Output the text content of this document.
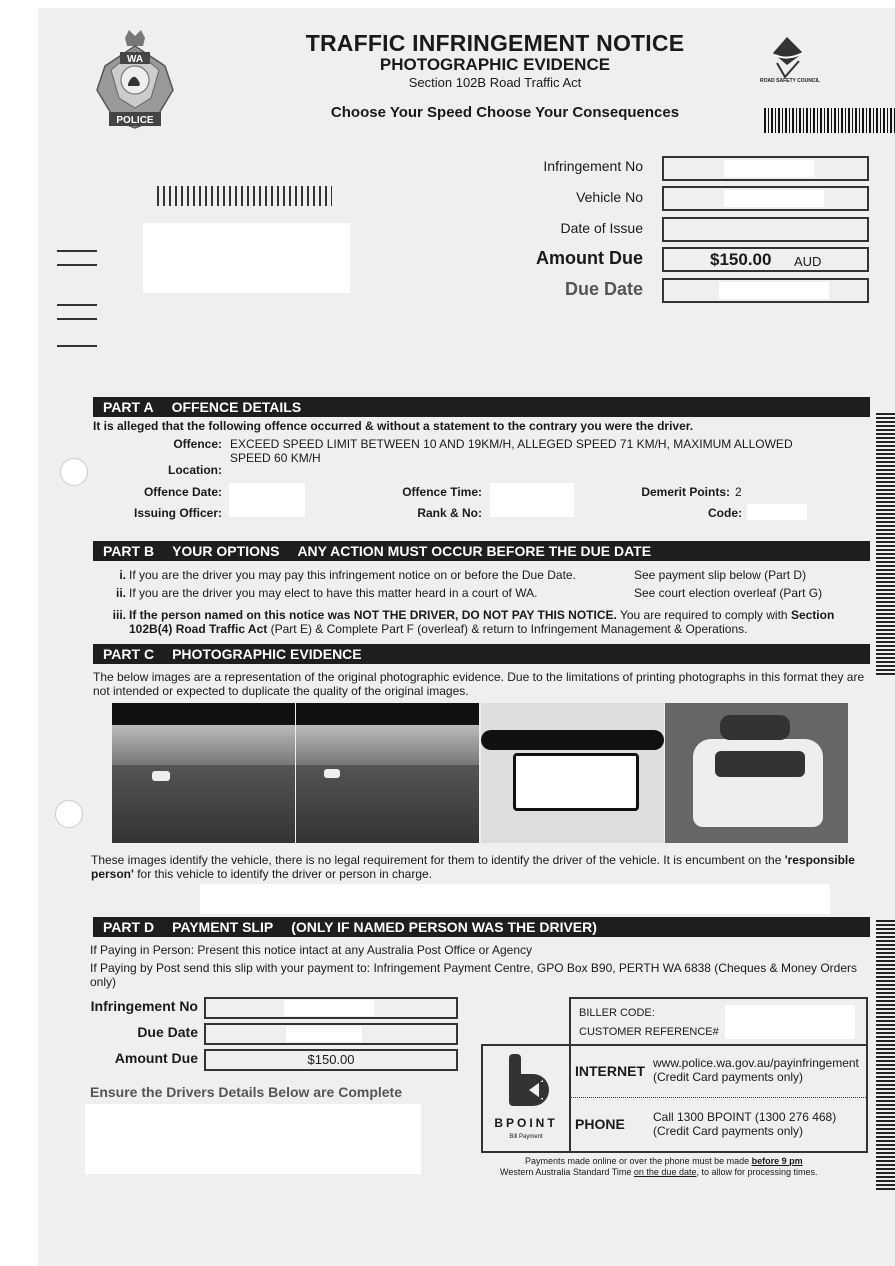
WA
POLICE
TRAFFIC INFRINGEMENT NOTICE
PHOTOGRAPHIC EVIDENCE
Section 102B Road Traffic Act
Choose Your Speed Choose Your Consequences
ROAD SAFETY COUNCIL
Infringement No
Vehicle No
Date of Issue
Amount Due	$150.00 AUD
Due Date
PART A OFFENCE DETAILS
It is alleged that the following offence occurred & without a statement to the contrary you were the driver.
Offence: EXCEED SPEED LIMIT BETWEEN 10 AND 19KM/H, ALLEGED SPEED 71 KM/H, MAXIMUM ALLOWED SPEED 60 KM/H
Location:
Offence Date:	Offence Time:	Demerit Points: 2
Issuing Officer:	Rank & No:	Code:
PART B YOUR OPTIONS ANY ACTION MUST OCCUR BEFORE THE DUE DATE
i. If you are the driver you may pay this infringement notice on or before the Due Date.	See payment slip below (Part D)
ii. If you are the driver you may elect to have this matter heard in a court of WA.	See court election overleaf (Part G)
iii. If the person named on this notice was NOT THE DRIVER, DO NOT PAY THIS NOTICE. You are required to comply with Section 102B(4) Road Traffic Act (Part E) & Complete Part F (overleaf) & return to Infringement Management & Operations.
PART C PHOTOGRAPHIC EVIDENCE
The below images are a representation of the original photographic evidence. Due to the limitations of printing photographs in this format they are not intended or expected to duplicate the quality of the original images.
These images identify the vehicle, there is no legal requirement for them to identify the driver of the vehicle. It is encumbent on the 'responsible person' for this vehicle to identify the driver or person in charge.
PART D PAYMENT SLIP (ONLY IF NAMED PERSON WAS THE DRIVER)
If Paying in Person: Present this notice intact at any Australia Post Office or Agency
If Paying by Post send this slip with your payment to: Infringement Payment Centre, GPO Box B90, PERTH WA 6838 (Cheques & Money Orders only)
Infringement No
Due Date
Amount Due	$150.00
Ensure the Drivers Details Below are Complete
BILLER CODE:
CUSTOMER REFERENCE#
BPOINT
Bill Payment
INTERNET www.police.wa.gov.au/payinfringement
(Credit Card payments only)
PHONE Call 1300 BPOINT (1300 276 468)
(Credit Card payments only)
Payments made online or over the phone must be made before 9 pm
Western Australia Standard Time on the due date, to allow for processing times.
